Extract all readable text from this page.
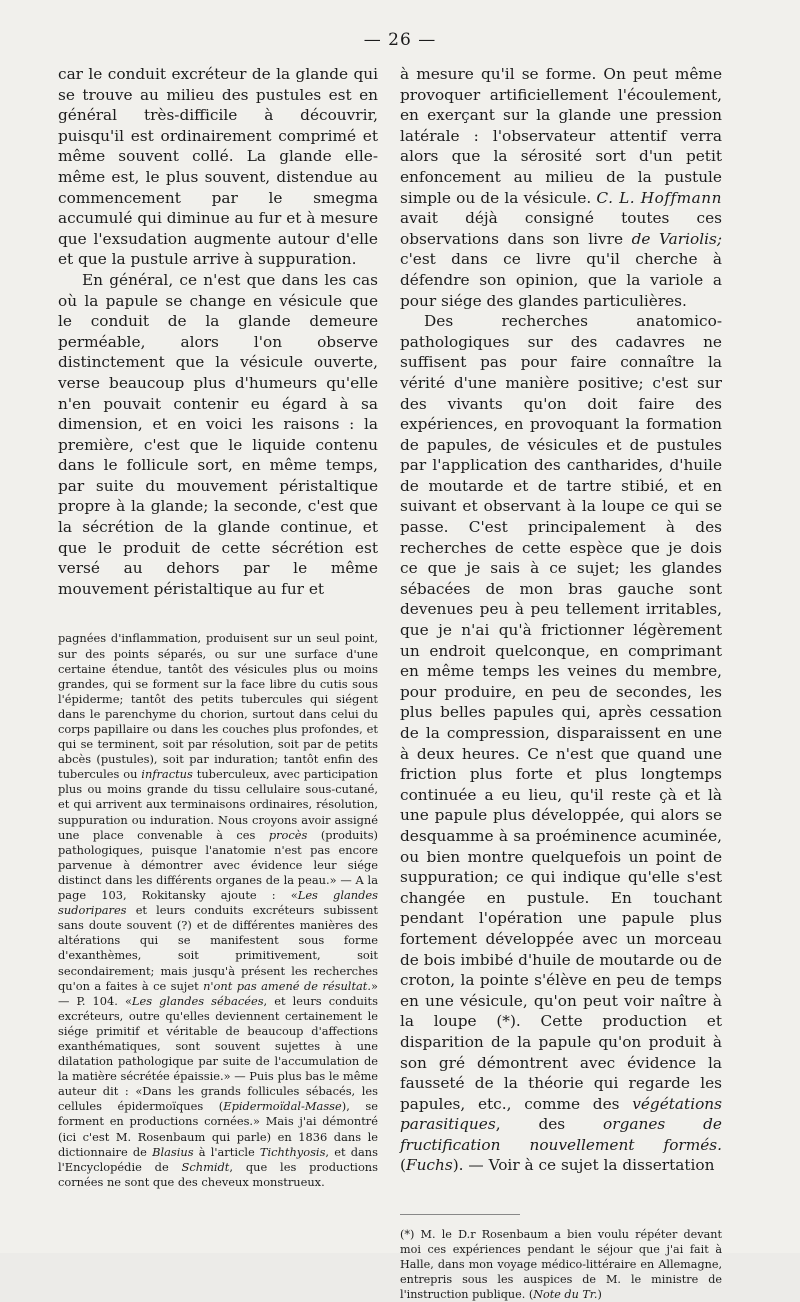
— 26 —

car le conduit excréteur de la glande qui se trouve au milieu des pustules est en général très-difficile à découvrir, puisqu'il est ordinairement comprimé et même souvent collé. La glande elle-même est, le plus souvent, distendue au commencement par le smegma accumulé qui diminue au fur et à mesure que l'exsudation augmente autour d'elle et que la pustule arrive à suppuration.

En général, ce n'est que dans les cas où la papule se change en vésicule que le conduit de la glande demeure perméable, alors l'on observe distinctement que la vésicule ouverte, verse beaucoup plus d'humeurs qu'elle n'en pouvait contenir eu égard à sa dimension, et en voici les raisons : la première, c'est que le liquide contenu dans le follicule sort, en même temps, par suite du mouvement péristaltique propre à la glande; la seconde, c'est que la sécrétion de la glande continue, et que le produit de cette sécrétion est versé au dehors par le même mouvement péristaltique au fur et

pagnées d'inflammation, produisent sur un seul point, sur des points séparés, ou sur une surface d'une certaine étendue, tantôt des vésicules plus ou moins grandes, qui se forment sur la face libre du cutis sous l'épiderme; tantôt des petits tubercules qui siégent dans le parenchyme du chorion, surtout dans celui du corps papillaire ou dans les couches plus profondes, et qui se terminent, soit par résolution, soit par de petits abcès (pustules), soit par induration; tantôt enfin des tubercules ou infractus tuberculeux, avec participation plus ou moins grande du tissu cellulaire sous-cutané, et qui arrivent aux terminaisons ordinaires, résolution, suppuration ou induration. Nous croyons avoir assigné une place convenable à ces procès (produits) pathologiques, puisque l'anatomie n'est pas encore parvenue à démontrer avec évidence leur siége distinct dans les différents organes de la peau.» — A la page 103, Rokitansky ajoute : «Les glandes sudoripares et leurs conduits excréteurs subissent sans doute souvent (?) et de différentes manières des altérations qui se manifestent sous forme d'exanthèmes, soit primitivement, soit secondairement; mais jusqu'à présent les recherches qu'on a faites à ce sujet n'ont pas amené de résultat.» — P. 104. «Les glandes sébacées, et leurs conduits excréteurs, outre qu'elles deviennent certainement le siége primitif et véritable de beaucoup d'affections exanthématiques, sont souvent sujettes à une dilatation pathologique par suite de l'accumulation de la matière sécrétée épaissie.» — Puis plus bas le même auteur dit : «Dans les grands follicules sébacés, les cellules épidermoïques (Epidermoïdal-Masse), se forment en productions cornées.» Mais j'ai démontré (ici c'est M. Rosenbaum qui parle) en 1836 dans le dictionnaire de Blasius à l'article Tichthyosis, et dans l'Encyclopédie de Schmidt, que les productions cornées ne sont que des cheveux monstrueux.

à mesure qu'il se forme. On peut même provoquer artificiellement l'écoulement, en exerçant sur la glande une pression latérale : l'observateur attentif verra alors que la sérosité sort d'un petit enfoncement au milieu de la pustule simple ou de la vésicule. C. L. Hoffmann avait déjà consigné toutes ces observations dans son livre de Variolis; c'est dans ce livre qu'il cherche à défendre son opinion, que la variole a pour siége des glandes particulières.

Des recherches anatomico-pathologiques sur des cadavres ne suffisent pas pour faire connaître la vérité d'une manière positive; c'est sur des vivants qu'on doit faire des expériences, en provoquant la formation de papules, de vésicules et de pustules par l'application des cantharides, d'huile de moutarde et de tartre stibié, et en suivant et observant à la loupe ce qui se passe. C'est principalement à des recherches de cette espèce que je dois ce que je sais à ce sujet; les glandes sébacées de mon bras gauche sont devenues peu à peu tellement irritables, que je n'ai qu'à frictionner légèrement un endroit quelconque, en comprimant en même temps les veines du membre, pour produire, en peu de secondes, les plus belles papules qui, après cessation de la compression, disparaissent en une à deux heures. Ce n'est que quand une friction plus forte et plus longtemps continuée a eu lieu, qu'il reste çà et là une papule plus développée, qui alors se desquamme à sa proéminence acuminée, ou bien montre quelquefois un point de suppuration; ce qui indique qu'elle s'est changée en pustule. En touchant pendant l'opération une papule plus fortement développée avec un morceau de bois imbibé d'huile de moutarde ou de croton, la pointe s'élève en peu de temps en une vésicule, qu'on peut voir naître à la loupe (*). Cette production et disparition de la papule qu'on produit à son gré démontrent avec évidence la fausseté de la théorie qui regarde les papules, etc., comme des végétations parasitiques, des organes de fructification nouvellement formés. (Fuchs). — Voir à ce sujet la dissertation

(*) M. le D.r Rosenbaum a bien voulu répéter devant moi ces expériences pendant le séjour que j'ai fait à Halle, dans mon voyage médico-littéraire en Allemagne, entrepris sous les auspices de M. le ministre de l'instruction publique. (Note du Tr.)
